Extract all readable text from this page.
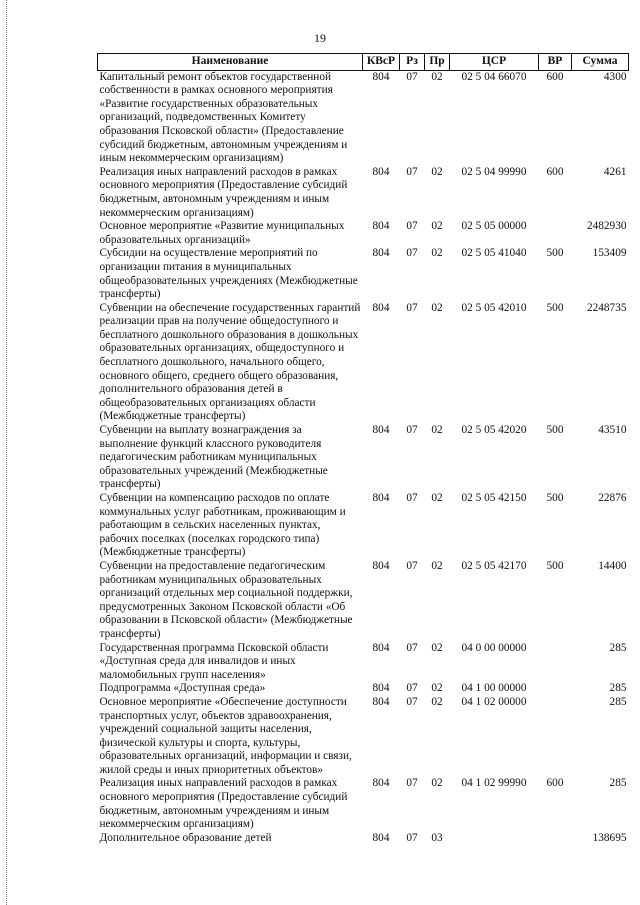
19
Наименование	КВсР	Рз	Пр	ЦСР	ВР	Сумма
Капитальный ремонт объектов государственной собственности в рамках основного мероприятия «Развитие государственных образовательных организаций, подведомственных Комитету образования Псковской области» (Предоставление субсидий бюджетным, автономным учреждениям и иным некоммерческим организациям)	804	07	02	02 5 04 66070	600	4300
Реализация иных направлений расходов в рамках основного мероприятия (Предоставление субсидий бюджетным, автономным учреждениям и иным некоммерческим организациям)	804	07	02	02 5 04 99990	600	4261
Основное мероприятие «Развитие муниципальных образовательных организаций»	804	07	02	02 5 05 00000		2482930
Субсидии на осуществление мероприятий по организации питания в муниципальных общеобразовательных учреждениях (Межбюджетные трансферты)	804	07	02	02 5 05 41040	500	153409
Субвенции на обеспечение государственных гарантий реализации прав на получение общедоступного и бесплатного дошкольного образования в дошкольных образовательных организациях, общедоступного и бесплатного дошкольного, начального общего, основного общего, среднего общего образования, дополнительного образования детей в общеобразовательных организациях области (Межбюджетные трансферты)	804	07	02	02 5 05 42010	500	2248735
Субвенции на выплату вознаграждения за выполнение функций классного руководителя педагогическим работникам муниципальных образовательных учреждений (Межбюджетные трансферты)	804	07	02	02 5 05 42020	500	43510
Субвенции на компенсацию расходов по оплате коммунальных услуг работникам, проживающим и работающим в сельских населенных пунктах, рабочих поселках (поселках городского типа) (Межбюджетные трансферты)	804	07	02	02 5 05 42150	500	22876
Субвенции на предоставление педагогическим работникам муниципальных образовательных организаций отдельных мер социальной поддержки, предусмотренных Законом Псковской области «Об образовании в Псковской области» (Межбюджетные трансферты)	804	07	02	02 5 05 42170	500	14400
Государственная программа Псковской области «Доступная среда для инвалидов и иных маломобильных групп населения»	804	07	02	04 0 00 00000		285
Подпрограмма «Доступная среда»	804	07	02	04 1 00 00000		285
Основное мероприятие «Обеспечение доступности транспортных услуг, объектов здравоохранения, учреждений социальной защиты населения, физической культуры и спорта, культуры, образовательных организаций, информации и связи, жилой среды и иных приоритетных объектов»	804	07	02	04 1 02 00000		285
Реализация иных направлений расходов в рамках основного мероприятия (Предоставление субсидий бюджетным, автономным учреждениям и иным некоммерческим организациям)	804	07	02	04 1 02 99990	600	285
Дополнительное образование детей	804	07	03			138695
